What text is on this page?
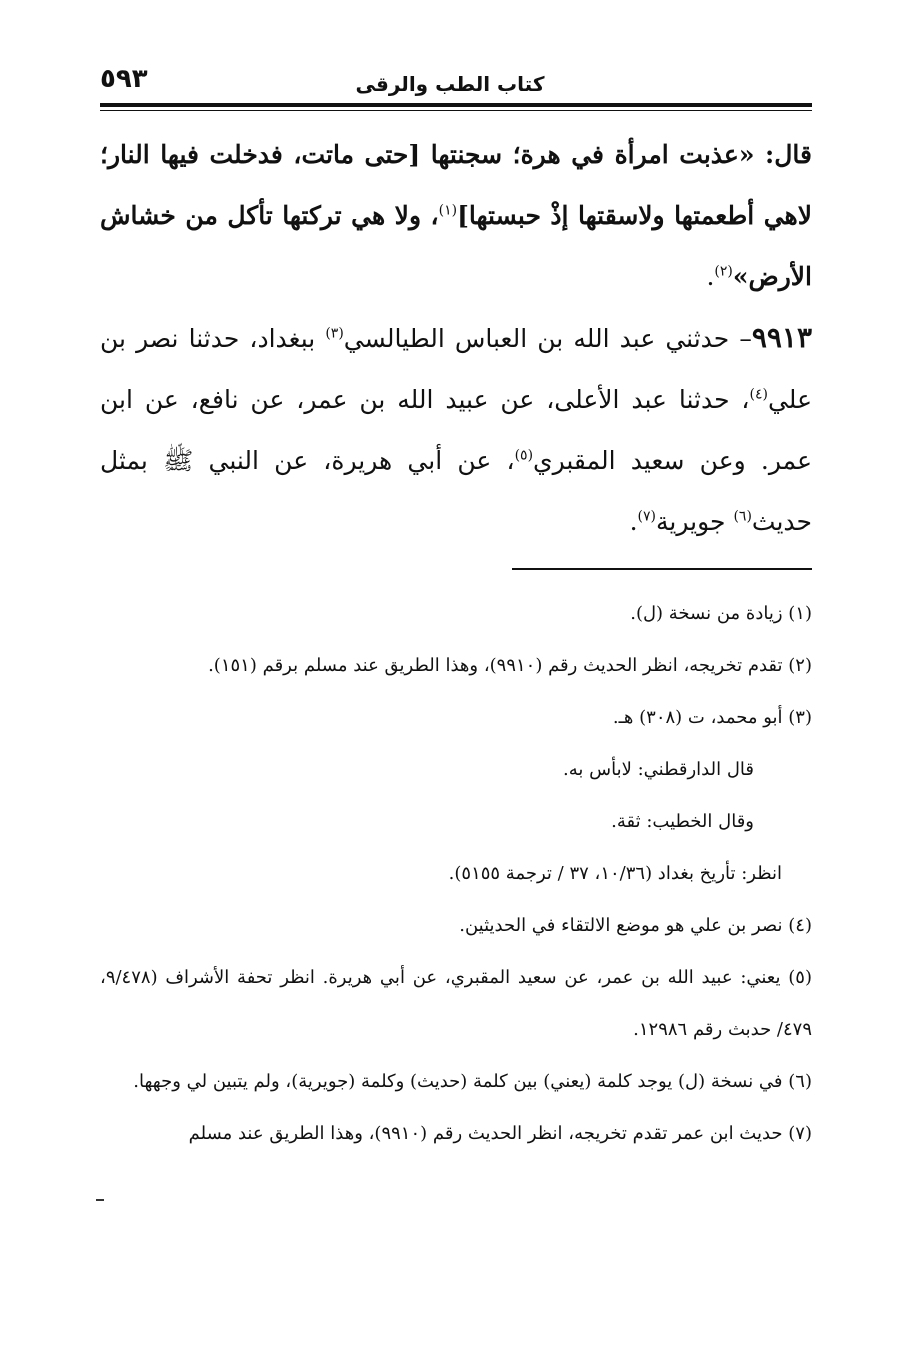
كتاب الطب والرقى
٥٩٣

قال: «عذبت امرأة في هرة؛ سجنتها [حتى ماتت، فدخلت فيها النار؛ لاهي أطعمتها ولاسقتها إذْ حبستها]$^{(١)}$، ولا هي تركتها تأكل من خشاش الأرض»$^{(٢)}$.

٩٩١٣– حدثني عبد الله بن العباس الطيالسي$^{(٣)}$ ببغداد، حدثنا نصر بن علي$^{(٤)}$، حدثنا عبد الأعلى، عن عبيد الله بن عمر، عن نافع، عن ابن عمر. وعن سعيد المقبري$^{(٥)}$، عن أبي هريرة، عن النبي ﷺ بمثل حديث$^{(٦)}$ جويرية$^{(٧)}$.

(١) زيادة من نسخة (ل).

(٢) تقدم تخريجه، انظر الحديث رقم (٩٩١٠)، وهذا الطريق عند مسلم برقم (١٥١).

(٣) أبو محمد، ت (٣٠٨) هـ.

قال الدارقطني: لابأس به.

وقال الخطيب: ثقة.

انظر: تأريخ بغداد (١٠/٣٦، ٣٧ / ترجمة ٥١٥٥).

(٤) نصر بن علي هو موضع الالتقاء في الحديثين.

(٥) يعني: عبيد الله بن عمر، عن سعيد المقبري، عن أبي هريرة. انظر تحفة الأشراف (٩/٤٧٨، ٤٧٩/ حدبث رقم ١٢٩٨٦.

(٦) في نسخة (ل) يوجد كلمة (يعني) بين كلمة (حديث) وكلمة (جويرية)، ولم يتبين لي وجهها.

(٧) حديث ابن عمر تقدم تخريجه، انظر الحديث رقم (٩٩١٠)، وهذا الطريق عند مسلم
